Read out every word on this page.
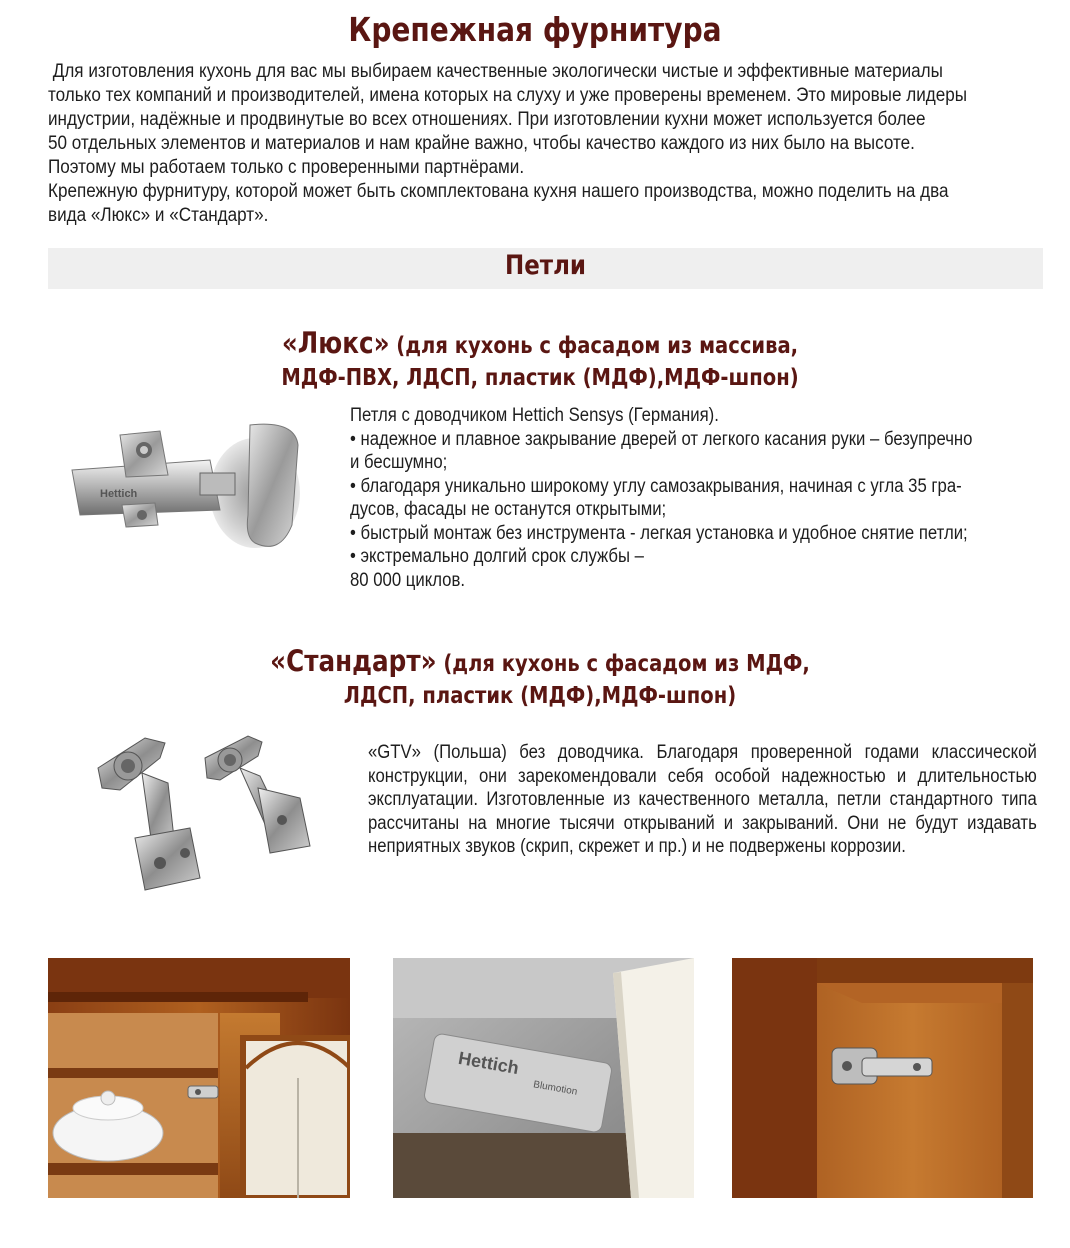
Крепежная фурнитура

Для изготовления кухонь для вас мы выбираем качественные экологически чистые и эффективные материалы

только тех компаний и производителей, имена которых на слуху и уже проверены временем. Это мировые лидеры

индустрии, надёжные и продвинутые во всех отношениях. При изготовлении кухни может используется более

50 отдельных элементов и материалов и нам крайне важно, чтобы качество каждого из них было на высоте.

Поэтому мы работаем только с проверенными партнёрами.

Крепежную фурнитуру, которой может быть скомплектована кухня нашего производства, можно поделить на два

вида «Люкс» и «Стандарт».

Петли
«Люкс» (для кухонь с фасадом из массива,
МДФ-ПВХ, ЛДСП, пластик (МДФ),МДФ-шпон)
Hettich
Петля с доводчиком Hettich Sensys (Германия).
• надежное и плавное закрывание дверей от легкого касания руки – безупречно
и бесшумно;
• благодаря уникально широкому углу самозакрывания, начиная с угла 35 гра-
дусов, фасады не останутся открытыми;
• быстрый монтаж без инструмента - легкая установка и удобное снятие петли;
• экстремально долгий срок службы –
80 000 циклов.
«Стандарт» (для кухонь с фасадом из МДФ,
ЛДСП, пластик (МДФ),МДФ-шпон)
«GTV» (Польша) без доводчика. Благодаря проверенной годами классической конструкции, они зарекомендовали себя особой надежностью и длительностью эксплуатации. Изготовленные из качественного металла, петли стандартного типа рассчитаны на многие тысячи открываний и закрываний. Они не будут издавать неприятных звуков (скрип, скрежет и пр.) и не подвержены коррозии.
Hettich
Blumotion
